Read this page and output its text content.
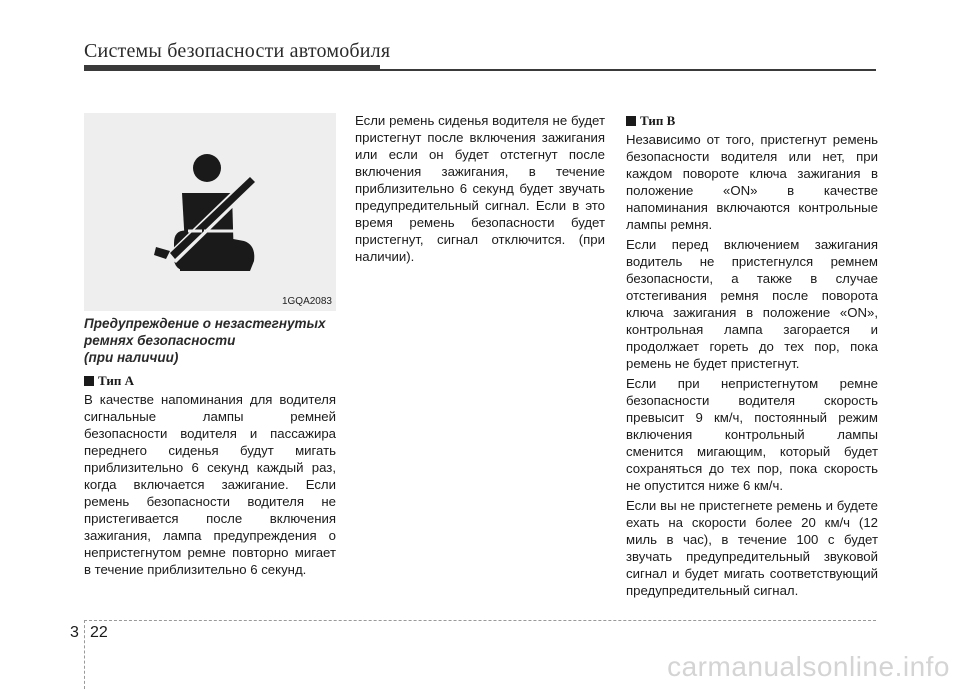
Системы безопасности автомобиля
1GQA2083
Предупреждение о незастегнутых
ремнях безопасности
(при наличии)
Тип А

В качестве напоминания для водителя сигнальные лампы ремней безопасности водителя и пассажира переднего сиденья будут мигать приблизительно 6 секунд каждый раз, когда включается зажигание. Если ремень безопасности водителя не пристегивается после включения зажигания, лампа предупреждения о непристегнутом ремне повторно мигает в течение приблизительно 6 секунд.

Если ремень сиденья водителя не будет пристегнут после включения зажигания или если он будет отстегнут после включения зажигания, в течение приблизительно 6 секунд будет звучать предупредительный сигнал. Если в это время ремень безопасности будет пристегнут, сигнал отключится. (при наличии).

Тип B

Независимо от того, пристегнут ремень безопасности водителя или нет, при каждом повороте ключа зажигания в положение «ON» в качестве напоминания включаются контрольные лампы ремня.

Если перед включением зажигания водитель не пристегнулся ремнем безопасности, а также в случае отстегивания ремня после поворота ключа зажигания в положение «ON», контрольная лампа загорается и продолжает гореть до тех пор, пока ремень не будет пристегнут.

Если при непристегнутом ремне безопасности водителя скорость превысит 9 км/ч, постоянный режим включения контрольный лампы сменится мигающим, который будет сохраняться до тех пор, пока скорость не опустится ниже 6 км/ч.

Если вы не пристегнете ремень и будете ехать на скорости более 20 км/ч (12 миль в час), в течение 100 с будет звучать предупредительный звуковой сигнал и будет мигать соответствующий предупредительный сигнал.

3 22
carmanualsonline.info
